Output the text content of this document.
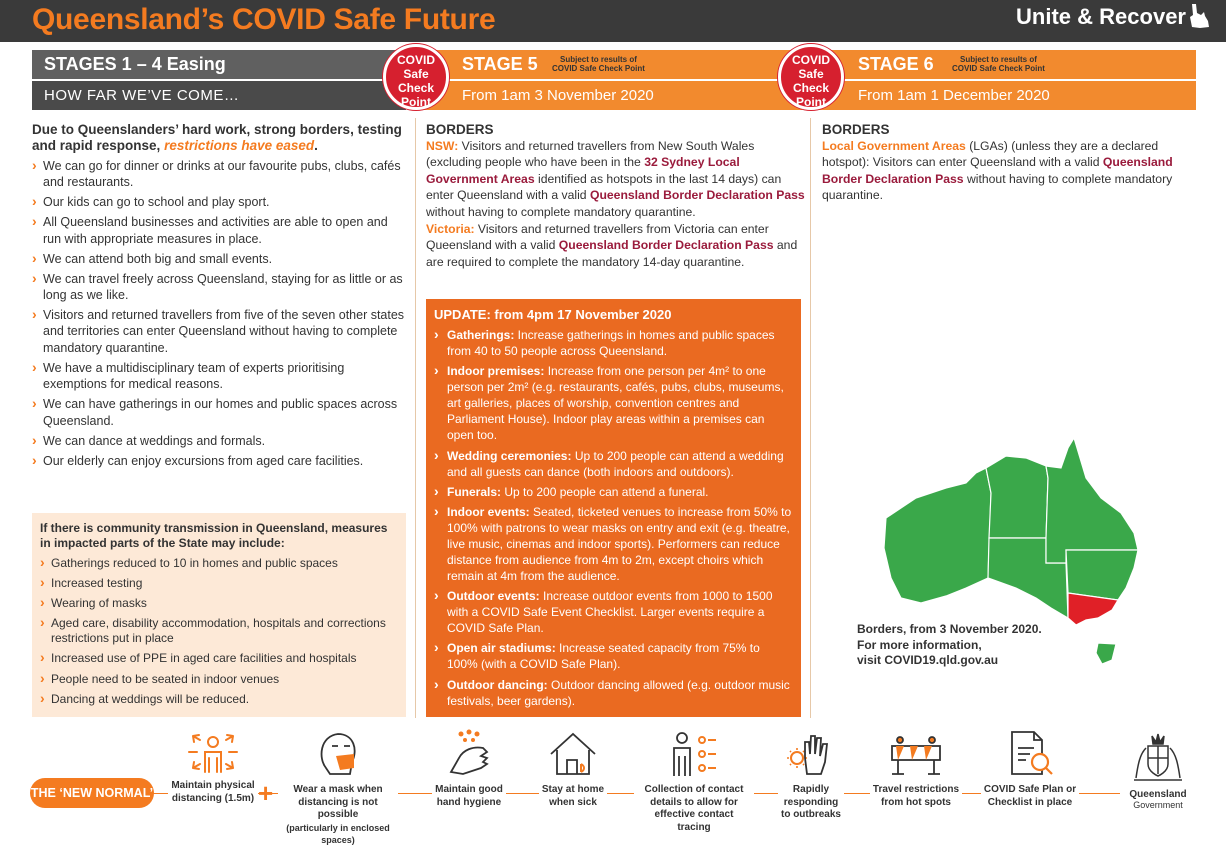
Queensland’s COVID Safe Future	Unite & Recover
STAGES 1 – 4 Easing
HOW FAR WE’VE COME…
STAGE 5	Subject to results of
COVID Safe Check Point
From 1am 3 November 2020
STAGE 6	Subject to results of
COVID Safe Check Point
From 1am 1 December 2020
COVID
Safe
Check
Point
COVID
Safe
Check
Point
Due to Queenslanders’ hard work, strong borders, testing and rapid response, restrictions have eased.
› We can go for dinner or drinks at our favourite pubs, clubs, cafés and restaurants.
› Our kids can go to school and play sport.
› All Queensland businesses and activities are able to open and run with appropriate measures in place.
› We can attend both big and small events.
› We can travel freely across Queensland, staying for as little or as long as we like.
› Visitors and returned travellers from five of the seven other states and territories can enter Queensland without having to complete mandatory quarantine.
› We have a multidisciplinary team of experts prioritising exemptions for medical reasons.
› We can have gatherings in our homes and public spaces across Queensland.
› We can dance at weddings and formals.
› Our elderly can enjoy excursions from aged care facilities.
If there is community transmission in Queensland, measures in impacted parts of the State may include:
› Gatherings reduced to 10 in homes and public spaces
› Increased testing
› Wearing of masks
› Aged care, disability accommodation, hospitals and corrections restrictions put in place
› Increased use of PPE in aged care facilities and hospitals
› People need to be seated in indoor venues
› Dancing at weddings will be reduced.
BORDERS
NSW: Visitors and returned travellers from New South Wales (excluding people who have been in the 32 Sydney Local Government Areas identified as hotspots in the last 14 days) can enter Queensland with a valid Queensland Border Declaration Pass without having to complete mandatory quarantine.
Victoria: Visitors and returned travellers from Victoria can enter Queensland with a valid Queensland Border Declaration Pass and are required to complete the mandatory 14-day quarantine.
UPDATE: from 4pm 17 November 2020
› Gatherings: Increase gatherings in homes and public spaces from 40 to 50 people across Queensland.
› Indoor premises: Increase from one person per 4m² to one person per 2m² (e.g. restaurants, cafés, pubs, clubs, museums, art galleries, places of worship, convention centres and Parliament House). Indoor play areas within a premises can open too.
› Wedding ceremonies: Up to 200 people can attend a wedding and all guests can dance (both indoors and outdoors).
› Funerals: Up to 200 people can attend a funeral.
› Indoor events: Seated, ticketed venues to increase from 50% to 100% with patrons to wear masks on entry and exit (e.g. theatre, live music, cinemas and indoor sports). Performers can reduce distance from audience from 4m to 2m, except choirs which remain at 4m from the audience.
› Outdoor events: Increase outdoor events from 1000 to 1500 with a COVID Safe Event Checklist. Larger events require a COVID Safe Plan.
› Open air stadiums: Increase seated capacity from 75% to 100% (with a COVID Safe Plan).
› Outdoor dancing: Outdoor dancing allowed (e.g. outdoor music festivals, beer gardens).
BORDERS
Local Government Areas (LGAs) (unless they are a declared hotspot): Visitors can enter Queensland with a valid Queensland Border Declaration Pass without having to complete mandatory quarantine.
Borders, from 3 November 2020.
For more information,
visit COVID19.qld.gov.au
THE ‘NEW NORMAL’
Maintain physical
distancing (1.5m) +	Wear a mask when
distancing is not possible
(particularly in enclosed spaces)
Maintain good
hand hygiene
Stay at home
when sick
Collection of contact
details to allow for
effective contact tracing
Rapidly
responding
to outbreaks
Travel restrictions
from hot spots
COVID Safe Plan or
Checklist in place
Queensland
Government
